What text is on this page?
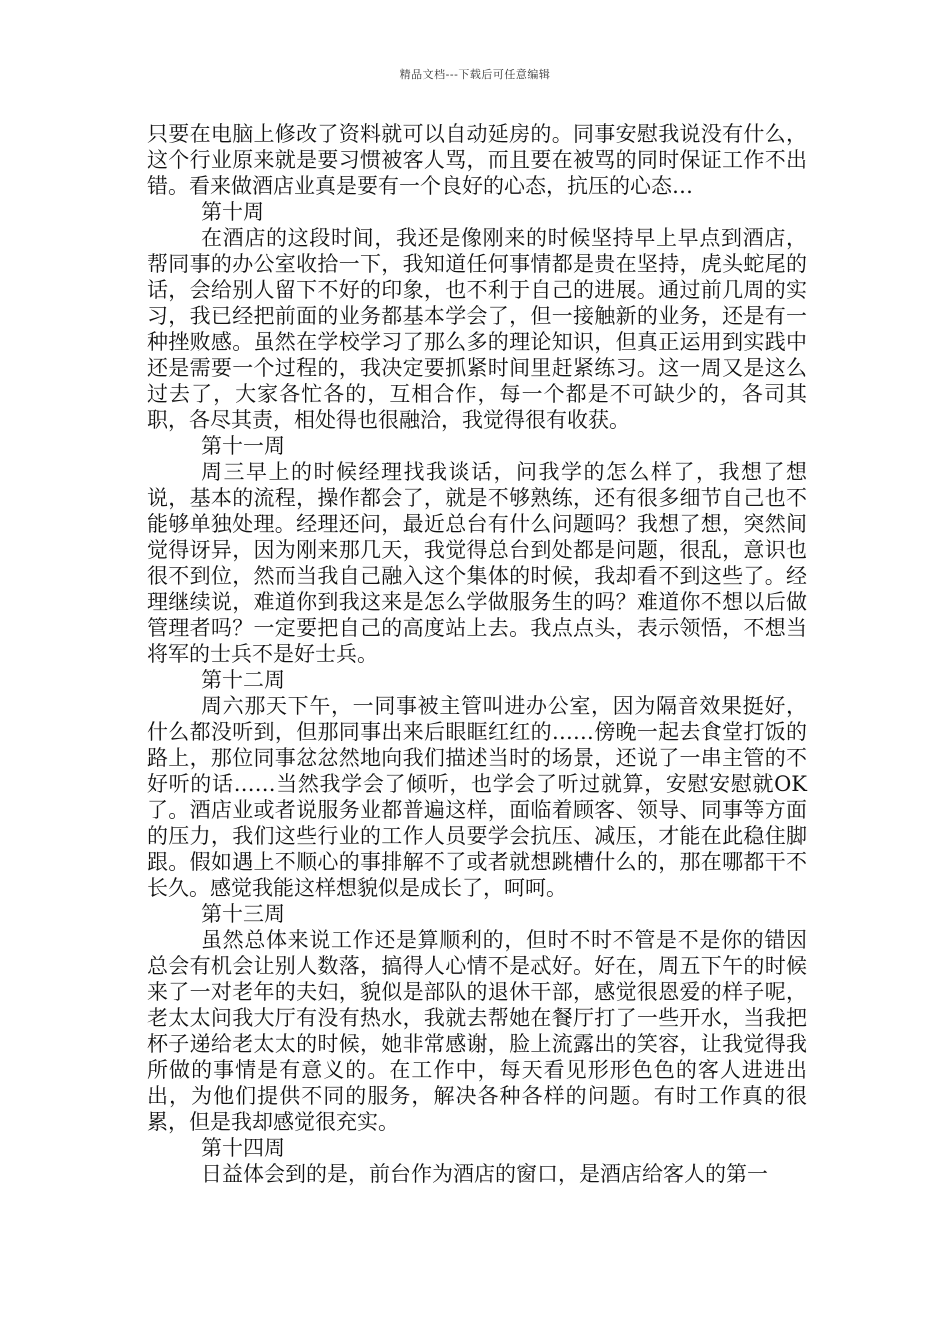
精品文档---下载后可任意编辑

只要在电脑上修改了资料就可以自动延房的。同事安慰我说没有什么，这个行业原来就是要习惯被客人骂，而且要在被骂的同时保证工作不出错。看来做酒店业真是要有一个良好的心态，抗压的心态…

第十周

在酒店的这段时间，我还是像刚来的时候坚持早上早点到酒店，帮同事的办公室收拾一下，我知道任何事情都是贵在坚持，虎头蛇尾的话，会给别人留下不好的印象，也不利于自己的进展。通过前几周的实习，我已经把前面的业务都基本学会了，但一接触新的业务，还是有一种挫败感。虽然在学校学习了那么多的理论知识，但真正运用到实践中还是需要一个过程的，我决定要抓紧时间里赶紧练习。这一周又是这么过去了，大家各忙各的，互相合作，每一个都是不可缺少的，各司其职，各尽其责，相处得也很融洽，我觉得很有收获。

第十一周

周三早上的时候经理找我谈话，问我学的怎么样了，我想了想说，基本的流程，操作都会了，就是不够熟练，还有很多细节自己也不能够单独处理。经理还问，最近总台有什么问题吗？我想了想，突然间觉得讶异，因为刚来那几天，我觉得总台到处都是问题，很乱，意识也很不到位，然而当我自己融入这个集体的时候，我却看不到这些了。经理继续说，难道你到我这来是怎么学做服务生的吗？难道你不想以后做管理者吗？一定要把自己的高度站上去。我点点头，表示领悟，不想当将军的士兵不是好士兵。

第十二周

周六那天下午，一同事被主管叫进办公室，因为隔音效果挺好，什么都没听到，但那同事出来后眼眶红红的……傍晚一起去食堂打饭的路上，那位同事忿忿然地向我们描述当时的场景，还说了一串主管的不好听的话……当然我学会了倾听，也学会了听过就算，安慰安慰就OK了。酒店业或者说服务业都普遍这样，面临着顾客、领导、同事等方面的压力，我们这些行业的工作人员要学会抗压、减压，才能在此稳住脚跟。假如遇上不顺心的事排解不了或者就想跳槽什么的，那在哪都干不长久。感觉我能这样想貌似是成长了，呵呵。

第十三周

虽然总体来说工作还是算顺利的，但时不时不管是不是你的错因总会有机会让别人数落，搞得人心情不是忒好。好在，周五下午的时候来了一对老年的夫妇，貌似是部队的退休干部，感觉很恩爱的样子呢，老太太问我大厅有没有热水，我就去帮她在餐厅打了一些开水，当我把杯子递给老太太的时候，她非常感谢，脸上流露出的笑容，让我觉得我所做的事情是有意义的。在工作中，每天看见形形色色的客人进进出出，为他们提供不同的服务，解决各种各样的问题。有时工作真的很累，但是我却感觉很充实。

第十四周

日益体会到的是，前台作为酒店的窗口，是酒店给客人的第一
